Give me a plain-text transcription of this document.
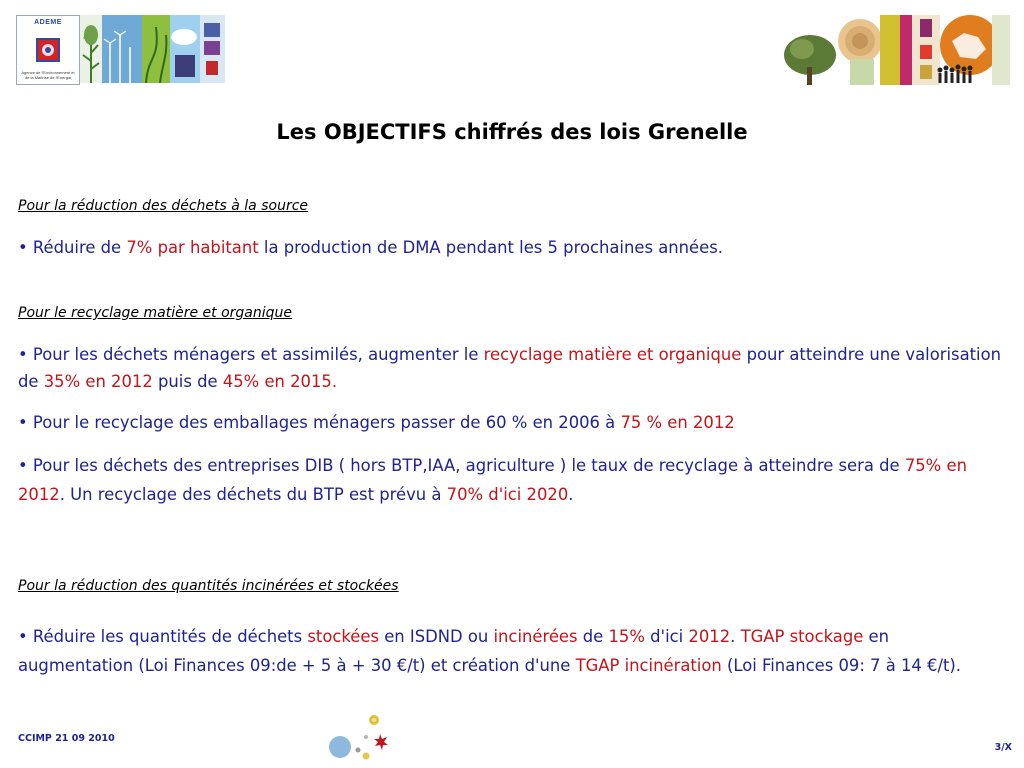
ADEME
Agence de l'Environnement et de la Maîtrise de l'Energie
Les OBJECTIFS chiffrés des lois Grenelle
Pour la réduction des déchets à la source
• Réduire de 7% par habitant la production de DMA pendant les 5 prochaines années.
Pour le recyclage matière et organique
• Pour les déchets ménagers et assimilés, augmenter le recyclage matière et organique pour atteindre une valorisation de 35% en 2012 puis de 45% en 2015.
• Pour le recyclage des emballages ménagers passer de 60 % en 2006 à 75 % en 2012
• Pour les déchets des entreprises DIB ( hors BTP,IAA, agriculture ) le taux de recyclage à atteindre sera de 75% en 2012. Un recyclage des déchets du BTP est prévu à 70% d'ici 2020.
Pour la réduction des quantités incinérées et stockées
• Réduire les quantités de déchets stockées en ISDND ou incinérées de 15% d'ici 2012. TGAP stockage en augmentation (Loi Finances 09:de + 5 à + 30 €/t) et création d'une TGAP incinération (Loi Finances 09: 7 à 14 €/t).
CCIMP 21 09 2010
3/X
